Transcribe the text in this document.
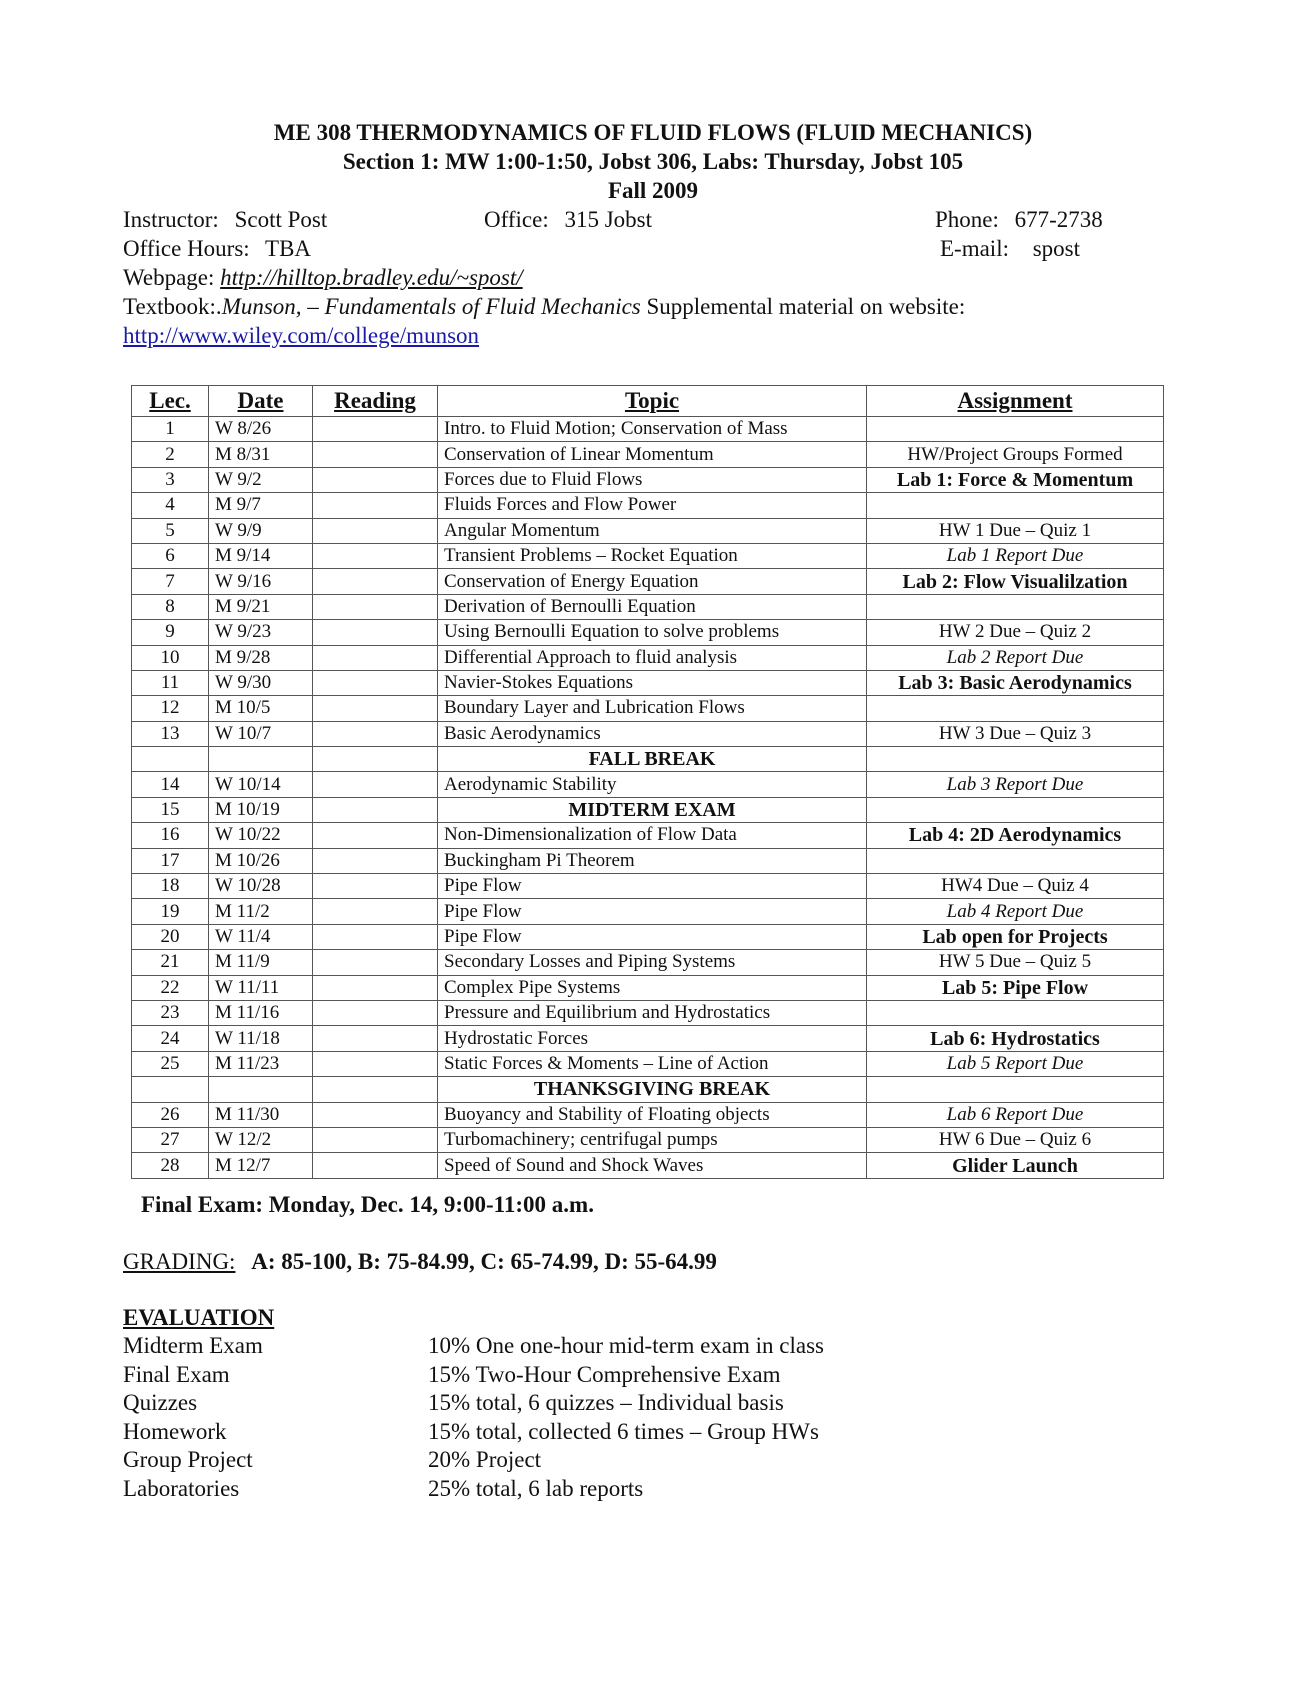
ME 308 THERMODYNAMICS OF FLUID FLOWS (FLUID MECHANICS)
Section 1: MW 1:00-1:50, Jobst 306, Labs: Thursday, Jobst 105
Fall 2009
Instructor: Scott Post	Office: 315 Jobst	Phone: 677-2738
Office Hours: TBA	E-mail: spost
Webpage: http://hilltop.bradley.edu/~spost/
Textbook:.Munson, – Fundamentals of Fluid Mechanics Supplemental material on website:
http://www.wiley.com/college/munson
Lec.	Date	Reading	Topic	Assignment
1	W 8/26		Intro. to Fluid Motion; Conservation of Mass	
2	M 8/31		Conservation of Linear Momentum	HW/Project Groups Formed
3	W 9/2		Forces due to Fluid Flows	Lab 1: Force & Momentum
4	M 9/7		Fluids Forces and Flow Power	
5	W 9/9		Angular Momentum	HW 1 Due – Quiz 1
6	M 9/14		Transient Problems – Rocket Equation	Lab 1 Report Due
7	W 9/16		Conservation of Energy Equation	Lab 2: Flow Visualilzation
8	M 9/21		Derivation of Bernoulli Equation	
9	W 9/23		Using Bernoulli Equation to solve problems	HW 2 Due – Quiz 2
10	M 9/28		Differential Approach to fluid analysis	Lab 2 Report Due
11	W 9/30		Navier-Stokes Equations	Lab 3: Basic Aerodynamics
12	M 10/5		Boundary Layer and Lubrication Flows	
13	W 10/7		Basic Aerodynamics	HW 3 Due – Quiz 3
			FALL BREAK	
14	W 10/14		Aerodynamic Stability	Lab 3 Report Due
15	M 10/19		MIDTERM EXAM	
16	W 10/22		Non-Dimensionalization of Flow Data	Lab 4: 2D Aerodynamics
17	M 10/26		Buckingham Pi Theorem	
18	W 10/28		Pipe Flow	HW4 Due – Quiz 4
19	M 11/2		Pipe Flow	Lab 4 Report Due
20	W 11/4		Pipe Flow	Lab open for Projects
21	M 11/9		Secondary Losses and Piping Systems	HW 5 Due – Quiz 5
22	W 11/11		Complex Pipe Systems	Lab 5: Pipe Flow
23	M 11/16		Pressure and Equilibrium and Hydrostatics	
24	W 11/18		Hydrostatic Forces	Lab 6: Hydrostatics
25	M 11/23		Static Forces & Moments – Line of Action	Lab 5 Report Due
			THANKSGIVING BREAK	
26	M 11/30		Buoyancy and Stability of Floating objects	Lab 6 Report Due
27	W 12/2		Turbomachinery; centrifugal pumps	HW 6 Due – Quiz 6
28	M 12/7		Speed of Sound and Shock Waves	Glider Launch
Final Exam: Monday, Dec. 14, 9:00-11:00 a.m.
GRADING: A: 85-100, B: 75-84.99, C: 65-74.99, D: 55-64.99
EVALUATION
Midterm Exam	10% One one-hour mid-term exam in class
Final Exam	15% Two-Hour Comprehensive Exam
Quizzes	15% total, 6 quizzes – Individual basis
Homework	15% total, collected 6 times – Group HWs
Group Project	20% Project
Laboratories	25% total, 6 lab reports
